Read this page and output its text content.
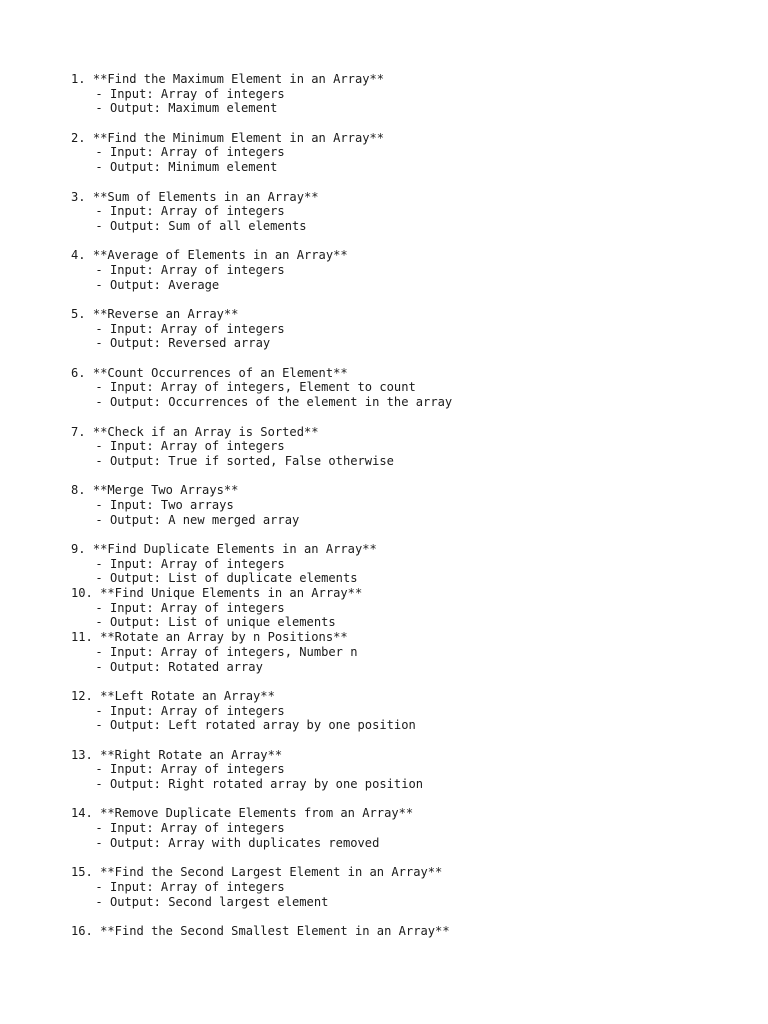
1. **Find the Maximum Element in an Array**
- Input: Array of integers
- Output: Maximum element
2. **Find the Minimum Element in an Array**
- Input: Array of integers
- Output: Minimum element
3. **Sum of Elements in an Array**
- Input: Array of integers
- Output: Sum of all elements
4. **Average of Elements in an Array**
- Input: Array of integers
- Output: Average
5. **Reverse an Array**
- Input: Array of integers
- Output: Reversed array
6. **Count Occurrences of an Element**
- Input: Array of integers, Element to count
- Output: Occurrences of the element in the array
7. **Check if an Array is Sorted**
- Input: Array of integers
- Output: True if sorted, False otherwise
8. **Merge Two Arrays**
- Input: Two arrays
- Output: A new merged array
9. **Find Duplicate Elements in an Array**
- Input: Array of integers
- Output: List of duplicate elements
10. **Find Unique Elements in an Array**
- Input: Array of integers
- Output: List of unique elements
11. **Rotate an Array by n Positions**
- Input: Array of integers, Number n
- Output: Rotated array
12. **Left Rotate an Array**
- Input: Array of integers
- Output: Left rotated array by one position
13. **Right Rotate an Array**
- Input: Array of integers
- Output: Right rotated array by one position
14. **Remove Duplicate Elements from an Array**
- Input: Array of integers
- Output: Array with duplicates removed
15. **Find the Second Largest Element in an Array**
- Input: Array of integers
- Output: Second largest element
16. **Find the Second Smallest Element in an Array**
